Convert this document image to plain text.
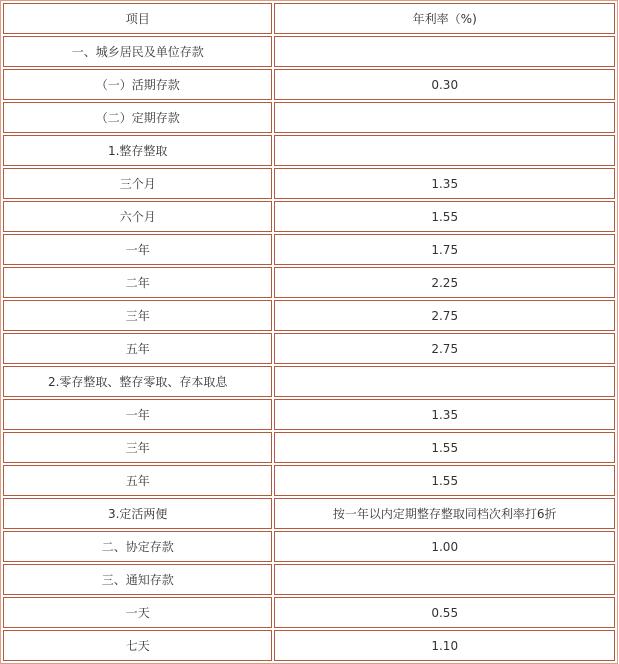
项目	年利率（%)
一、城乡居民及单位存款	
（一）活期存款	0.30
（二）定期存款	
1.整存整取	
三个月	1.35
六个月	1.55
一年	1.75
二年	2.25
三年	2.75
五年	2.75
2.零存整取、整存零取、存本取息	
一年	1.35
三年	1.55
五年	1.55
3.定活两便	按一年以内定期整存整取同档次利率打6折
二、协定存款	1.00
三、通知存款	
一天	0.55
七天	1.10
